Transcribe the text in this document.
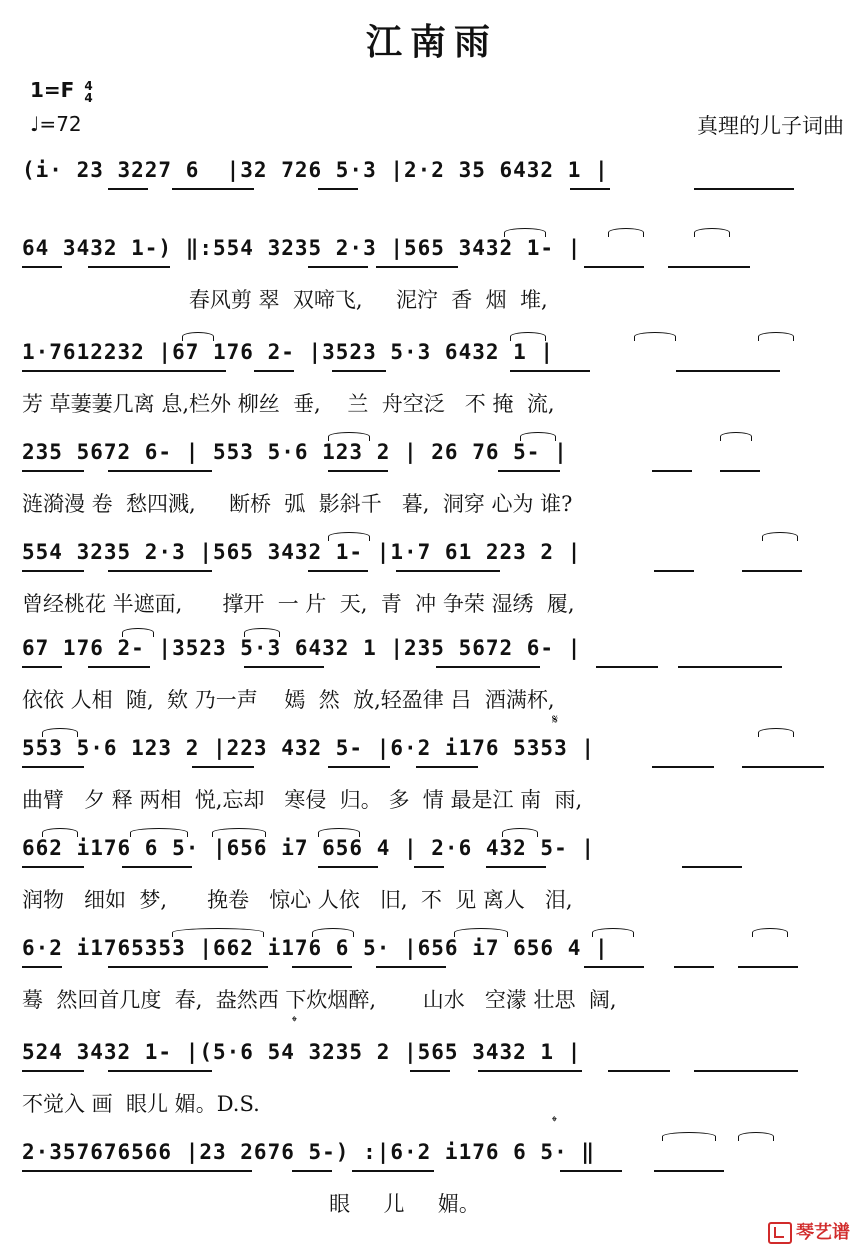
江南雨
1=F 4
4
♩=72	真理的儿子词曲
(i· 23 3227 6  |32 726 5·3 |2·2 35 6432 1 |
64 3432 1-) ‖:554 3235 2·3 |565 3432 1- |
春风剪 翠  双啼飞,     泥泞  香  烟  堆,
1·7612232 |67 176 2- |3523 5·3 6432 1 |
芳 草萋萋几离 息,栏外 柳丝  垂,    兰  舟空泛   不 掩  流,
235 5672 6- | 553 5·6 123 2 | 26 76 5- |
涟漪漫 卷  愁四溅,     断桥  弧  影斜千   暮,  洞穿 心为 谁?
554 3235 2·3 |565 3432 1- |1·7 61 223 2 |
曾经桃花 半遮面,      撑开  一 片  天,  青  冲 争荣 湿绣  履,
67 176 2- |3523 5·3 6432 1 |235 5672 6- |
依依 人相  随,  欸 乃一声    嫣  然  放,轻盈律 吕  酒满杯,
553 5·6 123 2 |223 432 5- |6·2 i176 5353 |
曲臂   夕 释 两相  悦,忘却   寒侵  归。 多  情 最是江 南  雨,
𝄋
662 i176 6 5· |656 i7 656 4 | 2·6 432 5- |
润物   细如  梦,      挽卷   惊心 人依   旧,  不  见 离人   泪,
6·2 i1765353 |662 i176 6 5· |656 i7 656 4 |
蓦  然回首几度  春,  盎然西 下炊烟醉,       山水   空濛 壮思  阔,
524 3432 1- |(5·6 54 3235 2 |565 3432 1 |
不觉入 画  眼儿 媚。D.S.
𝄌
2·357676566 |23 2676 5-) :|6·2 i176 6 5· ‖
眼     儿     媚。
𝄌
琴艺谱
